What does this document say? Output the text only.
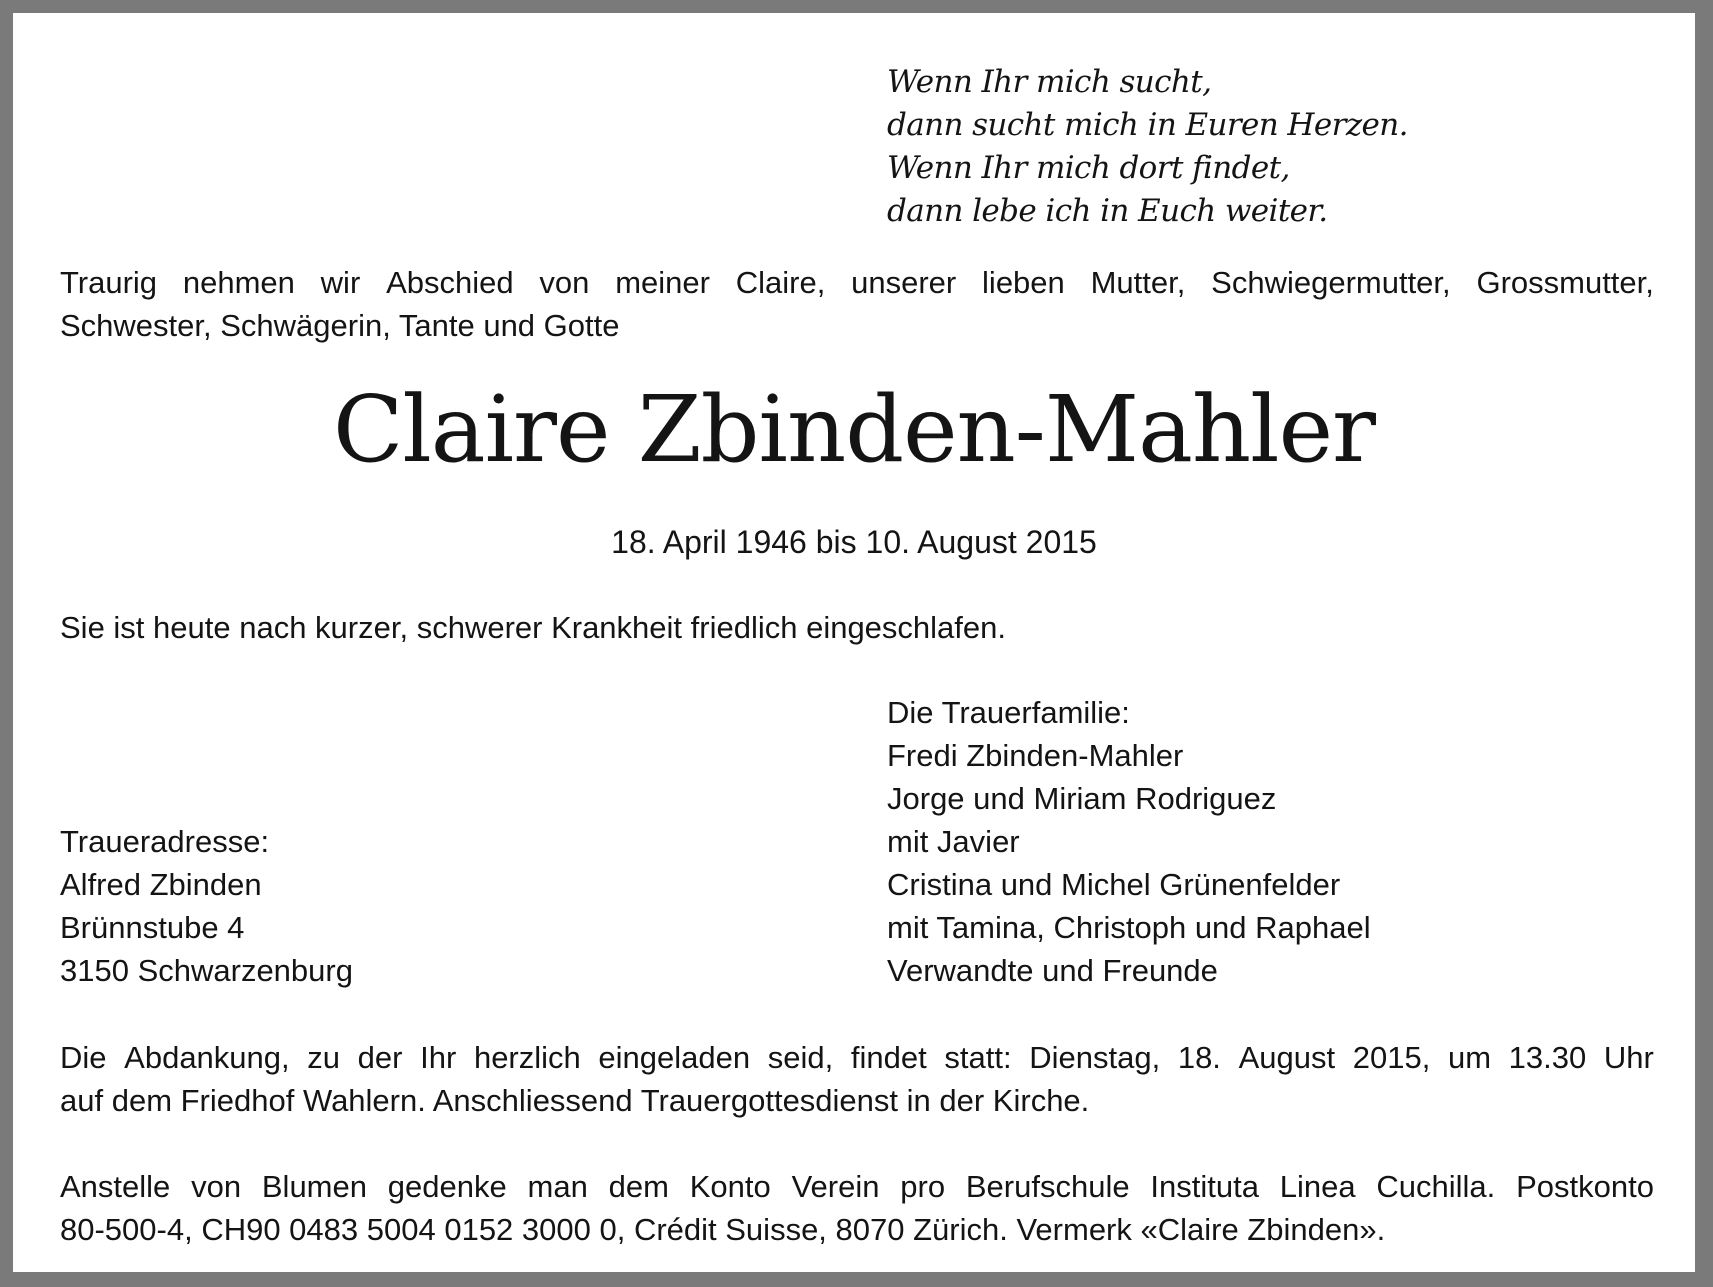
Wenn Ihr mich sucht,
dann sucht mich in Euren Herzen.
Wenn Ihr mich dort findet,
dann lebe ich in Euch weiter.
Traurig nehmen wir Abschied von meiner Claire, unserer lieben Mutter, Schwiegermutter, Grossmutter,
Schwester, Schwägerin, Tante und Gotte
Claire Zbinden-Mahler
18. April 1946 bis 10. August 2015
Sie ist heute nach kurzer, schwerer Krankheit friedlich eingeschlafen.
Die Trauerfamilie:
Fredi Zbinden-Mahler
Jorge und Miriam Rodriguez
mit Javier
Cristina und Michel Grünenfelder
mit Tamina, Christoph und Raphael
Verwandte und Freunde
Traueradresse:
Alfred Zbinden
Brünnstube 4
3150 Schwarzenburg
Die Abdankung, zu der Ihr herzlich eingeladen seid, findet statt: Dienstag, 18. August 2015, um 13.30 Uhr
auf dem Friedhof Wahlern. Anschliessend Trauergottesdienst in der Kirche.
Anstelle von Blumen gedenke man dem Konto Verein pro Berufschule Instituta Linea Cuchilla. Postkonto
80-500-4, CH90 0483 5004 0152 3000 0, Crédit Suisse, 8070 Zürich. Vermerk «Claire Zbinden».
